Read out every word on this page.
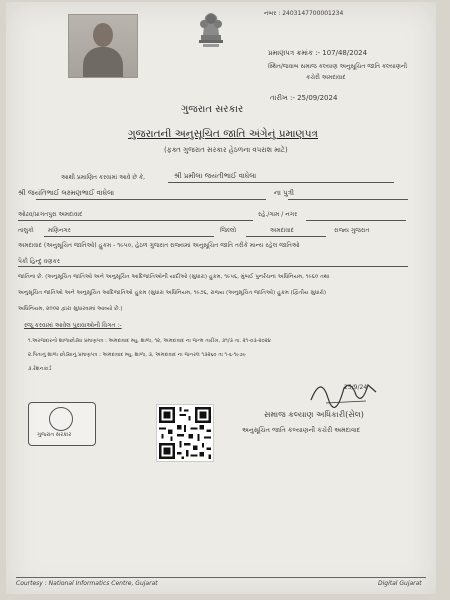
નંબર : 2403147700001234
પ્રમાણપત્ર ક્રમાંક :- 107/48/2024
સ્થિત/જવાબ સમાજ કલ્યાણ અનુસૂચિત જાતિ કલ્યાણની
કચેરી અમદાવાદ
તારીખ :- 25/09/2024
ગુજરાત સરકાર
ગુજરાતની અનુસૂચિત જાતિ અંગેનું પ્રમાણપત્ર
(ફક્ત ગુજરાત સરકાર હેઠળના વપરાશ માટે)
આથી પ્રમાણિત કરવામાં આવે છે કે,	શ્રી પ્રમીલા જયંતીભાઈ વાઘેલા
શ્રી જયંતિભાઈ લક્ષ્મણભાઈ વાઘેલા	ના પુત્રી
ઓઢવ/પ્રાગતપુરા અમદાવાદ	રહે./ગામ / નગર
તાલુકો મણિનગર	જિલ્લો	અમદાવાદ	રાજ્ય ગુજરાત
અમદાવાદ (અનુસૂચિત જાતિઓ) હુકમ - ૧૯૫૦, હેઠળ ગુજરાત રાજ્યમાં અનુસૂચિત જાતિ તરીકે માન્ય રહેલ જાતિઓ
પૈકી હિન્દુ વણકર
જાતિના છે. (અનુસૂચિત જાતિઓ અને અનુસૂચિત આદિજાતિઓની યાદીઓ (સુધારા) હુકમ, ૧૯૫૬, મુંબઈ પુનર્રચના અધિનિયમ, ૧૯૬૦ તથા
અનુસૂચિત જાતિઓ અને અનુસૂચિત આદિજાતિઓ હુકમ (સુધારા અધિનિયમ, ૧૯૭૬, રાજ્ય (અનુસૂચિત જાતિઓ) હુકમ (દ્વિતીય સુધારો)
અધિનિયમ, ૨૦૦૨ દ્વારા સુધારવામાં આવ્યો છે.)
રજૂ કરવામાં આવેલ પુરાવાઓની વિગત :-
૧.અરજદારનો શાળાછોડ્યા પ્રમાણપત્ર : અમદાવાદ મ્યુ. શાળા, ૧૨, અમદાવાદ ના જન્મ તારીખ, ૩૧/૩ તા. ૨૧-૦૩-૨૦૨૪
૨.પિતાનું શાળા છોડ્યાનું પ્રમાણપત્ર : અમદાવાદ મ્યુ. શાળા, ૩, અમદાવાદ ના જનરલ ૧૩૨૬૦ તા ૧-૬-૧૯૭૯
૩.રેશનકાર્ડ
ગુજરાત સરકાર
25/9/24
સમાજ કલ્યાણ અધિકારી(સેલ)
અનુસૂચિત જાતિ કલ્યાણની કચેરી અમદાવાદ
Courtesy : National Informatics Centre, Gujarat	Digital Gujarat
